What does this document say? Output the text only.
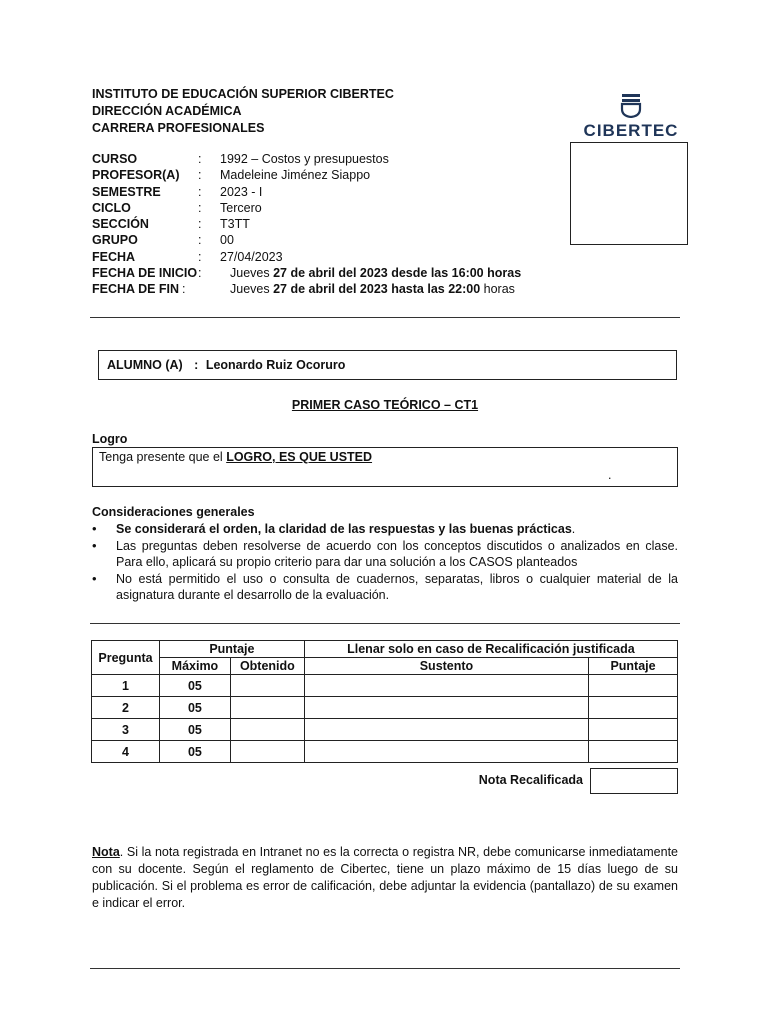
INSTITUTO DE EDUCACIÓN SUPERIOR CIBERTEC
DIRECCIÓN ACADÉMICA
CARRERA PROFESIONALES	CIBERTEC
CURSO	: 1992 – Costos y presupuestos
PROFESOR(A) : Madeleine Jiménez Siappo
SEMESTRE	: 2023 - I
CICLO	: Tercero
SECCIÓN	: T3TT
GRUPO	: 00
FECHA	: 27/04/2023
FECHA DE INICIO : Jueves 27 de abril del 2023 desde las 16:00 horas
FECHA DE FIN :	Jueves 27 de abril del 2023 hasta las 22:00 horas
ALUMNO (A) : Leonardo Ruiz Ocoruro
PRIMER CASO TEÓRICO – CT1
Logro
Tenga presente que el LOGRO, ES QUE USTED
.
Consideraciones generales
• Se considerará el orden, la claridad de las respuestas y las buenas prácticas.
• Las preguntas deben resolverse de acuerdo con los conceptos discutidos o analizados en clase. Para ello, aplicará su propio criterio para dar una solución a los CASOS planteados
• No está permitido el uso o consulta de cuadernos, separatas, libros o cualquier material de la asignatura durante el desarrollo de la evaluación.
Pregunta	Puntaje		Llenar solo en caso de Recalificación justificada	
	Máximo	Obtenido	Sustento	Puntaje
1	05			
2	05			
3	05			
4	05			
Nota Recalificada
Nota. Si la nota registrada en Intranet no es la correcta o registra NR, debe comunicarse inmediatamente con su docente. Según el reglamento de Cibertec, tiene un plazo máximo de 15 días luego de su publicación. Si el problema es error de calificación, debe adjuntar la evidencia (pantallazo) de su examen e indicar el error.
